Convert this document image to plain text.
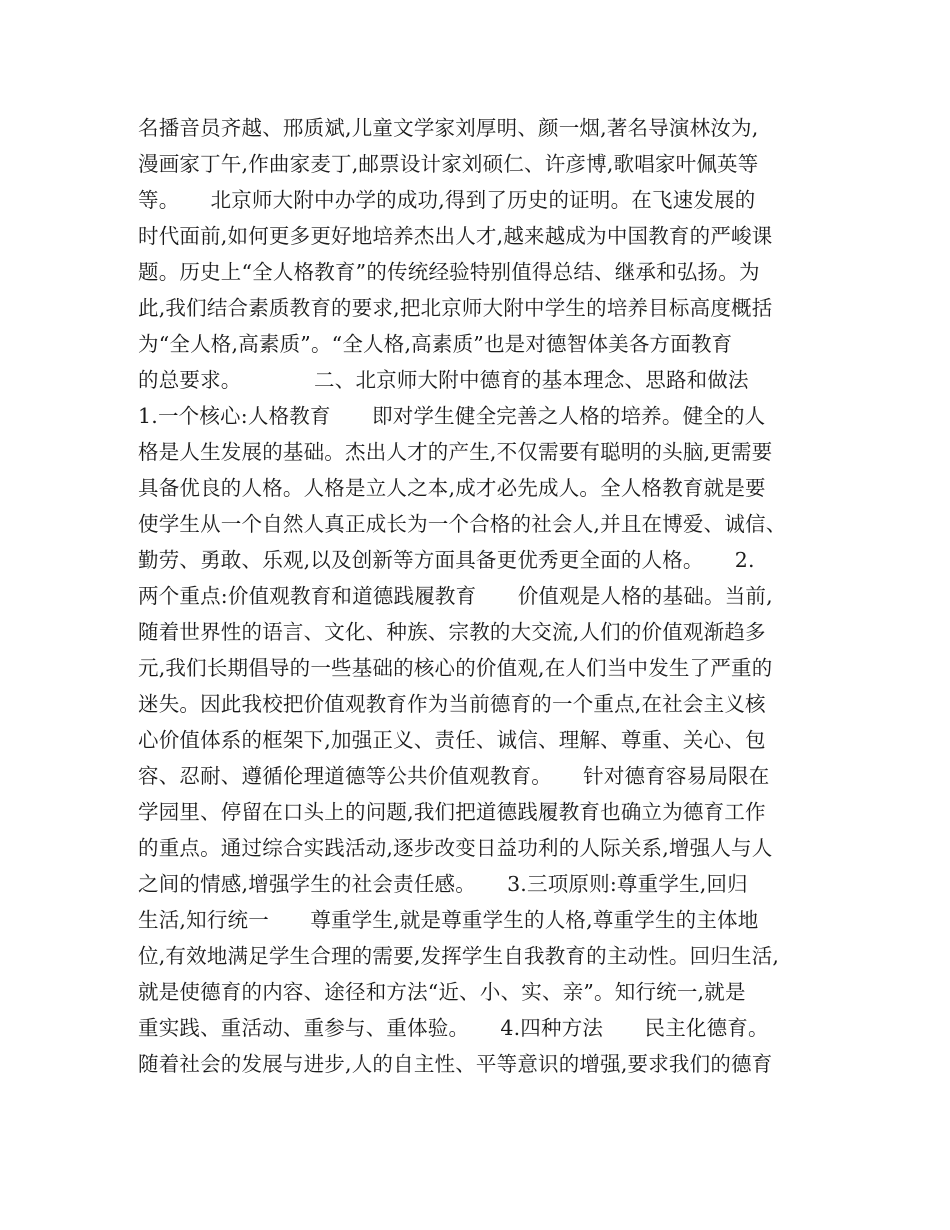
名播音员齐越、邢质斌,儿童文学家刘厚明、颜一烟,著名导演林汝为,
漫画家丁午,作曲家麦丁,邮票设计家刘硕仁、许彦博,歌唱家叶佩英等
等。　　北京师大附中办学的成功,得到了历史的证明。在飞速发展的
时代面前,如何更多更好地培养杰出人才,越来越成为中国教育的严峻课
题。历史上“全人格教育”的传统经验特别值得总结、继承和弘扬。为
此,我们结合素质教育的要求,把北京师大附中学生的培养目标高度概括
为“全人格,高素质”。“全人格,高素质”也是对德智体美各方面教育
的总要求。　　　　二、北京师大附中德育的基本理念、思路和做法
1.一个核心:人格教育　　即对学生健全完善之人格的培养。健全的人
格是人生发展的基础。杰出人才的产生,不仅需要有聪明的头脑,更需要
具备优良的人格。人格是立人之本,成才必先成人。全人格教育就是要
使学生从一个自然人真正成长为一个合格的社会人,并且在博爱、诚信、
勤劳、勇敢、乐观,以及创新等方面具备更优秀更全面的人格。　　2.
两个重点:价值观教育和道德践履教育　　价值观是人格的基础。当前,
随着世界性的语言、文化、种族、宗教的大交流,人们的价值观渐趋多
元,我们长期倡导的一些基础的核心的价值观,在人们当中发生了严重的
迷失。因此我校把价值观教育作为当前德育的一个重点,在社会主义核
心价值体系的框架下,加强正义、责任、诚信、理解、尊重、关心、包
容、忍耐、遵循伦理道德等公共价值观教育。　　针对德育容易局限在
学园里、停留在口头上的问题,我们把道德践履教育也确立为德育工作
的重点。通过综合实践活动,逐步改变日益功利的人际关系,增强人与人
之间的情感,增强学生的社会责任感。　　3.三项原则:尊重学生,回归
生活,知行统一　　尊重学生,就是尊重学生的人格,尊重学生的主体地
位,有效地满足学生合理的需要,发挥学生自我教育的主动性。回归生活,
就是使德育的内容、途径和方法“近、小、实、亲”。知行统一,就是
重实践、重活动、重参与、重体验。　　4.四种方法　　民主化德育。
随着社会的发展与进步,人的自主性、平等意识的增强,要求我们的德育
